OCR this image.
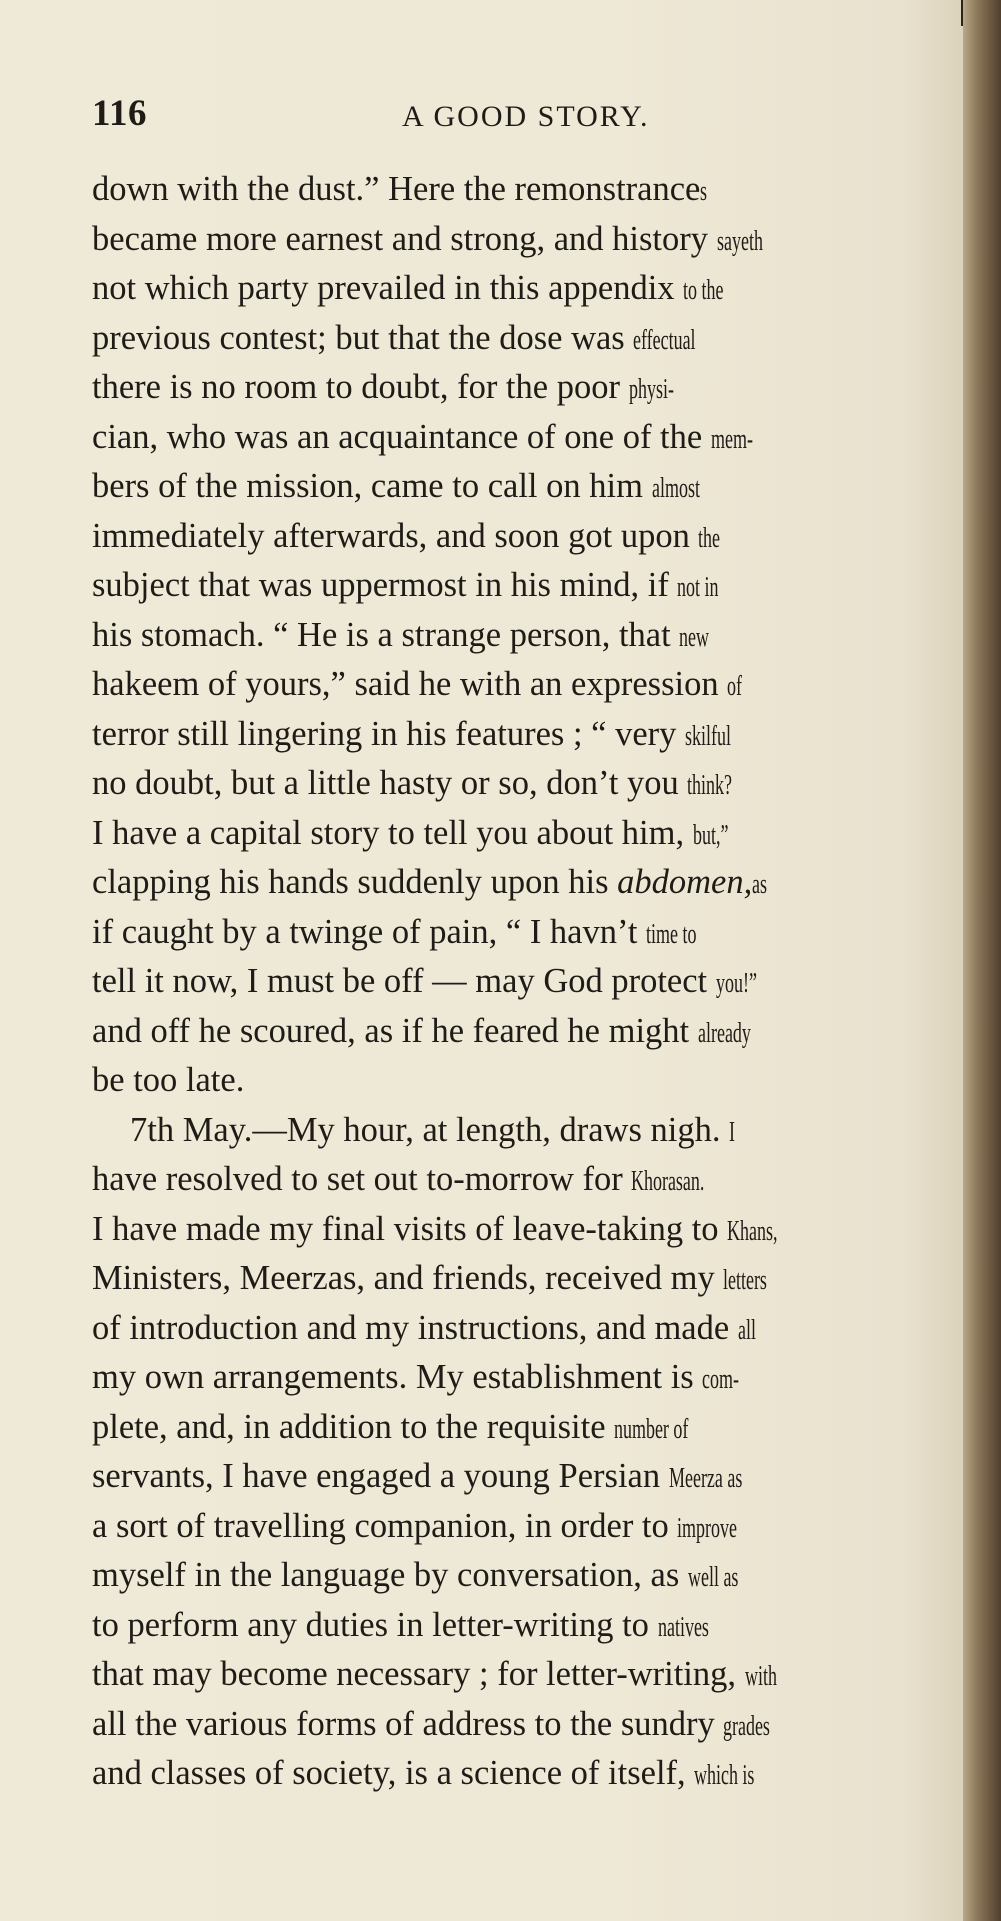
116	A GOOD STORY.
down with the dust.” Here the remonstrances
became more earnest and strong, and history sayeth
not which party prevailed in this appendix to the
previous contest; but that the dose was effectual
there is no room to doubt, for the poor physi-
cian, who was an acquaintance of one of the mem-
bers of the mission, came to call on him almost
immediately afterwards, and soon got upon the
subject that was uppermost in his mind, if not in
his stomach. “ He is a strange person, that new
hakeem of yours,” said he with an expression of
terror still lingering in his features ; “ very skilful
no doubt, but a little hasty or so, don’t you think?
I have a capital story to tell you about him, but,”
clapping his hands suddenly upon his abdomen,as
if caught by a twinge of pain, “ I havn’t time to
tell it now, I must be off — may God protect you!”
and off he scoured, as if he feared he might already
be too late.
7th May.—My hour, at length, draws nigh. I
have resolved to set out to-morrow for Khorasan.
I have made my final visits of leave-taking to Khans,
Ministers, Meerzas, and friends, received my letters
of introduction and my instructions, and made all
my own arrangements. My establishment is com-
plete, and, in addition to the requisite number of
servants, I have engaged a young Persian Meerza as
a sort of travelling companion, in order to improve
myself in the language by conversation, as well as
to perform any duties in letter-writing to natives
that may become necessary ; for letter-writing, with
all the various forms of address to the sundry grades
and classes of society, is a science of itself, which is
